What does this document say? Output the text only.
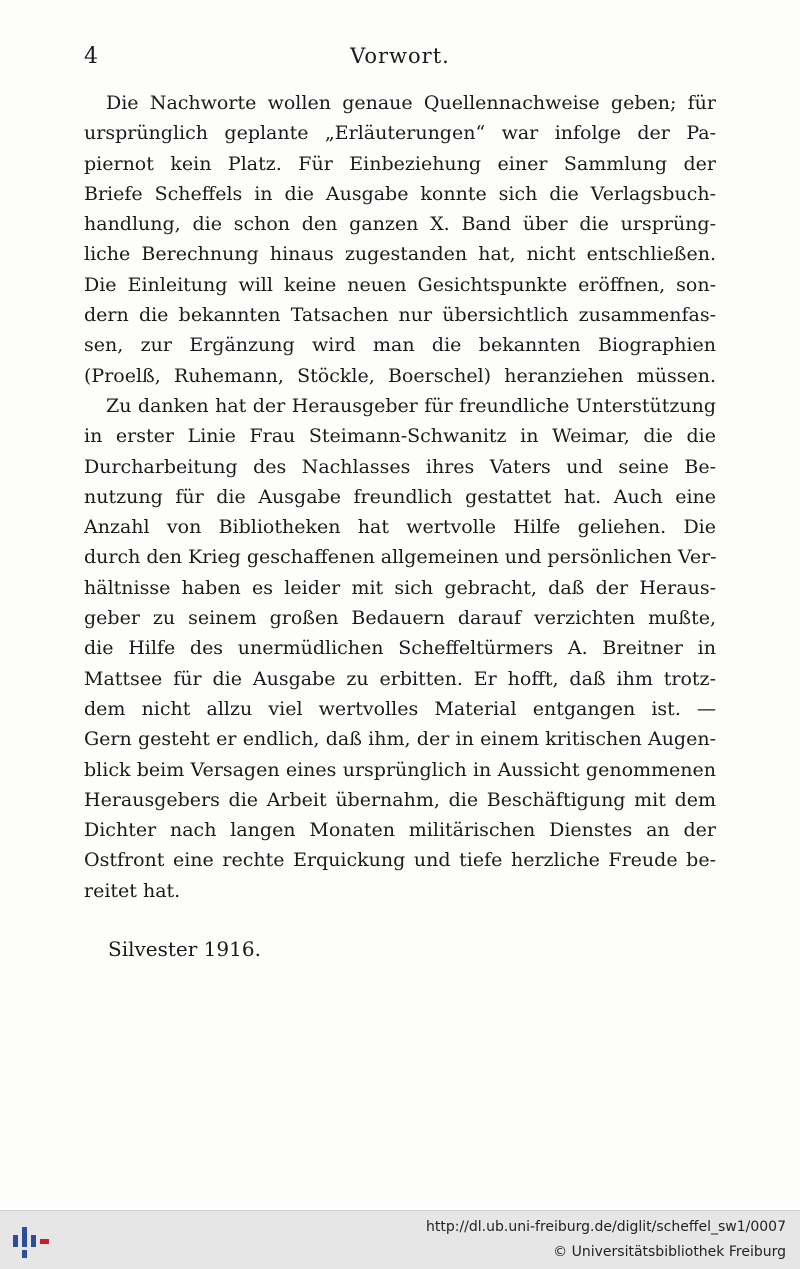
4	Vorwort.
Die Nachworte wollen genaue Quellennachweise geben; für
ursprünglich geplante „Erläuterungen“ war infolge der Pa-
piernot kein Platz. Für Einbeziehung einer Sammlung der
Briefe Scheffels in die Ausgabe konnte sich die Verlagsbuch-
handlung, die schon den ganzen X. Band über die ursprüng-
liche Berechnung hinaus zugestanden hat, nicht entschließen.
Die Einleitung will keine neuen Gesichtspunkte eröffnen, son-
dern die bekannten Tatsachen nur übersichtlich zusammenfas-
sen, zur Ergänzung wird man die bekannten Biographien
(Proelß, Ruhemann, Stöckle, Boerschel) heranziehen müssen.
Zu danken hat der Herausgeber für freundliche Unterstützung
in erster Linie Frau Steimann-Schwanitz in Weimar, die die
Durcharbeitung des Nachlasses ihres Vaters und seine Be-
nutzung für die Ausgabe freundlich gestattet hat. Auch eine
Anzahl von Bibliotheken hat wertvolle Hilfe geliehen. Die
durch den Krieg geschaffenen allgemeinen und persönlichen Ver-
hältnisse haben es leider mit sich gebracht, daß der Heraus-
geber zu seinem großen Bedauern darauf verzichten mußte,
die Hilfe des unermüdlichen Scheffeltürmers A. Breitner in
Mattsee für die Ausgabe zu erbitten. Er hofft, daß ihm trotz-
dem nicht allzu viel wertvolles Material entgangen ist. —
Gern gesteht er endlich, daß ihm, der in einem kritischen Augen-
blick beim Versagen eines ursprünglich in Aussicht genommenen
Herausgebers die Arbeit übernahm, die Beschäftigung mit dem
Dichter nach langen Monaten militärischen Dienstes an der
Ostfront eine rechte Erquickung und tiefe herzliche Freude be-
reitet hat.
Silvester 1916.
http://dl.ub.uni-freiburg.de/diglit/scheffel_sw1/0007
© Universitätsbibliothek Freiburg
